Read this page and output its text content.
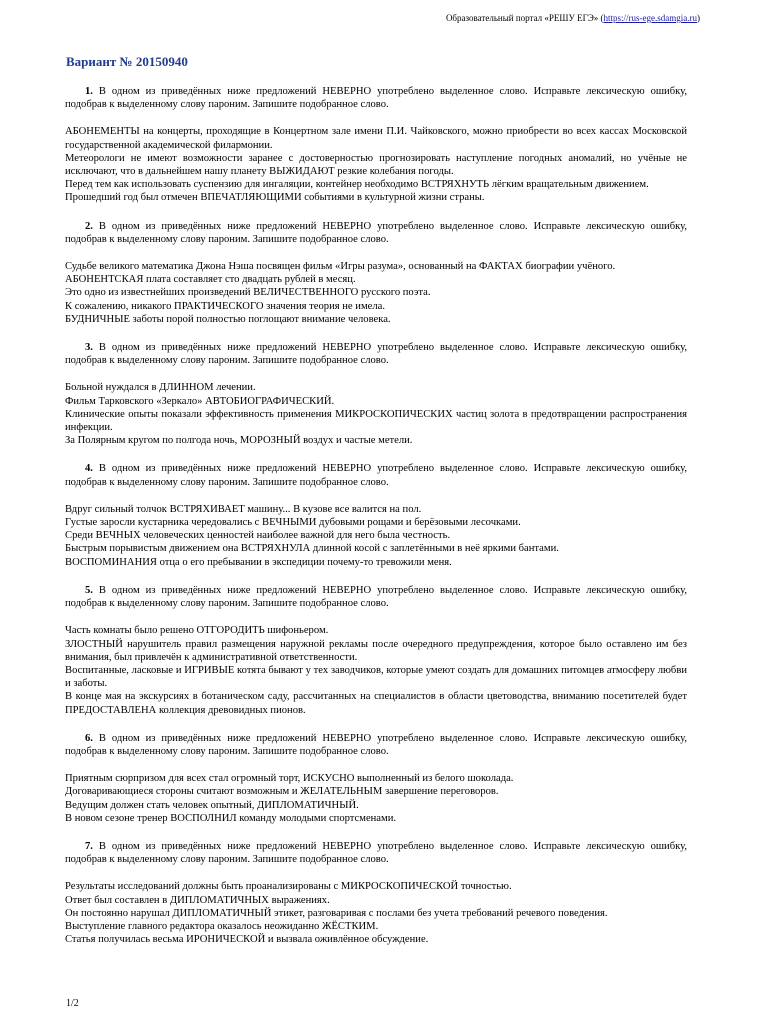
Образовательный портал «РЕШУ ЕГЭ» (https://rus-ege.sdamgia.ru)
Вариант № 20150940

1. В одном из приведённых ниже предложений НЕВЕРНО употреблено выделенное слово. Исправьте лексическую ошибку, подобрав к выделенному слову пароним. Запишите подобранное слово.

АБОНЕМЕНТЫ на концерты, проходящие в Концертном зале имени П.И. Чайковского, можно приобрести во всех кассах Московской государственной академической филармонии.

Метеорологи не имеют возможности заранее с достоверностью прогнозировать наступление погодных аномалий, но учёные не исключают, что в дальнейшем нашу планету ВЫЖИДАЮТ резкие колебания погоды.

Перед тем как использовать суспензию для ингаляции, контейнер необходимо ВСТРЯХНУТЬ лёгким вращательным движением.

Прошедший год был отмечен ВПЕЧАТЛЯЮЩИМИ событиями в культурной жизни страны.

2. В одном из приведённых ниже предложений НЕВЕРНО употреблено выделенное слово. Исправьте лексическую ошибку, подобрав к выделенному слову пароним. Запишите подобранное слово.

Судьбе великого математика Джона Нэша посвящен фильм «Игры разума», основанный на ФАКТАХ биографии учёного.

АБОНЕНТСКАЯ плата составляет сто двадцать рублей в месяц.

Это одно из известнейших произведений ВЕЛИЧЕСТВЕННОГО русского поэта.

К сожалению, никакого ПРАКТИЧЕСКОГО значения теория не имела.

БУДНИЧНЫЕ заботы порой полностью поглощают внимание человека.

3. В одном из приведённых ниже предложений НЕВЕРНО употреблено выделенное слово. Исправьте лексическую ошибку, подобрав к выделенному слову пароним. Запишите подобранное слово.

Больной нуждался в ДЛИННОМ лечении.

Фильм Тарковского «Зеркало» АВТОБИОГРАФИЧЕСКИЙ.

Клинические опыты показали эффективность применения МИКРОСКОПИЧЕСКИХ частиц золота в предотвращении распространения инфекции.

За Полярным кругом по полгода ночь, МОРОЗНЫЙ воздух и частые метели.

4. В одном из приведённых ниже предложений НЕВЕРНО употреблено выделенное слово. Исправьте лексическую ошибку, подобрав к выделенному слову пароним. Запишите подобранное слово.

Вдруг сильный толчок ВСТРЯХИВАЕТ машину... В кузове все валится на пол.

Густые заросли кустарника чередовались с ВЕЧНЫМИ дубовыми рощами и берёзовыми лесочками.

Среди ВЕЧНЫХ человеческих ценностей наиболее важной для него была честность.

Быстрым порывистым движением она ВСТРЯХНУЛА длинной косой с заплетёнными в неё яркими бантами.

ВОСПОМИНАНИЯ отца о его пребывании в экспедиции почему-то тревожили меня.

5. В одном из приведённых ниже предложений НЕВЕРНО употреблено выделенное слово. Исправьте лексическую ошибку, подобрав к выделенному слову пароним. Запишите подобранное слово.

Часть комнаты было решено ОТГОРОДИТЬ шифоньером.

ЗЛОСТНЫЙ нарушитель правил размещения наружной рекламы после очередного предупреждения, которое было оставлено им без внимания, был привлечён к административной ответственности.

Воспитанные, ласковые и ИГРИВЫЕ котята бывают у тех заводчиков, которые умеют создать для домашних питомцев атмосферу любви и заботы.

В конце мая на экскурсиях в ботаническом саду, рассчитанных на специалистов в области цветоводства, вниманию посетителей будет ПРЕДОСТАВЛЕНА коллекция древовидных пионов.

6. В одном из приведённых ниже предложений НЕВЕРНО употреблено выделенное слово. Исправьте лексическую ошибку, подобрав к выделенному слову пароним. Запишите подобранное слово.

Приятным сюрпризом для всех стал огромный торт, ИСКУСНО выполненный из белого шоколада.

Договаривающиеся стороны считают возможным и ЖЕЛАТЕЛЬНЫМ завершение переговоров.

Ведущим должен стать человек опытный, ДИПЛОМАТИЧНЫЙ.

В новом сезоне тренер ВОСПОЛНИЛ команду молодыми спортсменами.

7. В одном из приведённых ниже предложений НЕВЕРНО употреблено выделенное слово. Исправьте лексическую ошибку, подобрав к выделенному слову пароним. Запишите подобранное слово.

Результаты исследований должны быть проанализированы с МИКРОСКОПИЧЕСКОЙ точностью.

Ответ был составлен в ДИПЛОМАТИЧНЫХ выражениях.

Он постоянно нарушал ДИПЛОМАТИЧНЫЙ этикет, разговаривая с послами без учета требований речевого поведения.

Выступление главного редактора оказалось неожиданно ЖЁСТКИМ.

Статья получилась весьма ИРОНИЧЕСКОЙ и вызвала оживлённое обсуждение.

1/2
